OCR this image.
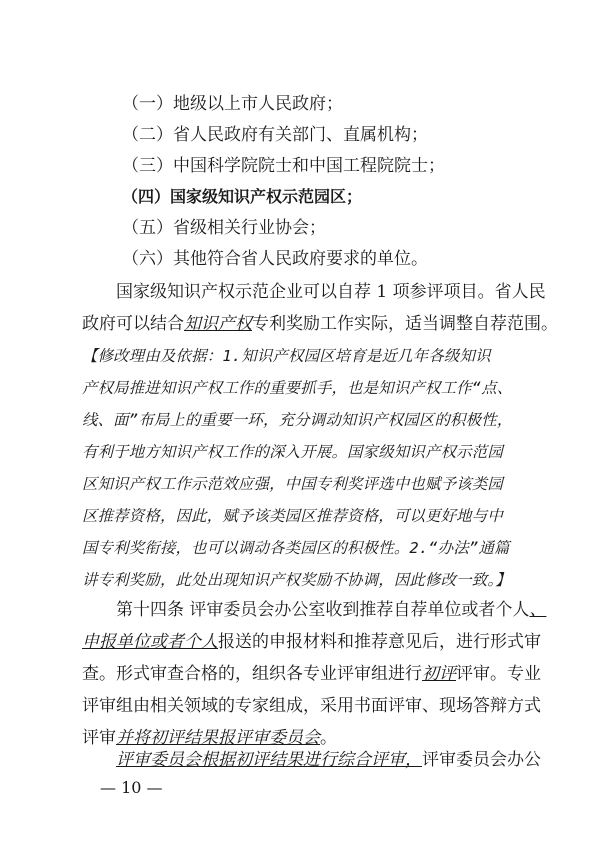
（一）地级以上市人民政府；
（二）省人民政府有关部门、直属机构；
（三）中国科学院院士和中国工程院院士；
（四）国家级知识产权示范园区；
（五）省级相关行业协会；
（六）其他符合省人民政府要求的单位。
国家级知识产权示范企业可以自荐 1 项参评项目。省人民
政府可以结合知识产权专利奖励工作实际，适当调整自荐范围。
【修改理由及依据：1.知识产权园区培育是近几年各级知识
产权局推进知识产权工作的重要抓手，也是知识产权工作“点、
线、面”布局上的重要一环，充分调动知识产权园区的积极性，
有利于地方知识产权工作的深入开展。国家级知识产权示范园
区知识产权工作示范效应强，中国专利奖评选中也赋予该类园
区推荐资格，因此，赋予该类园区推荐资格，可以更好地与中
国专利奖衔接，也可以调动各类园区的积极性。2.“办法”通篇
讲专利奖励，此处出现知识产权奖励不协调，因此修改一致。】
第十四条 评审委员会办公室收到推荐自荐单位或者个人、
申报单位或者个人报送的申报材料和推荐意见后，进行形式审
查。形式审查合格的，组织各专业评审组进行初评评审。专业
评审组由相关领域的专家组成，采用书面评审、现场答辩方式
评审并将初评结果报评审委员会。
评审委员会根据初评结果进行综合评审，评审委员会办公
— 10 —
